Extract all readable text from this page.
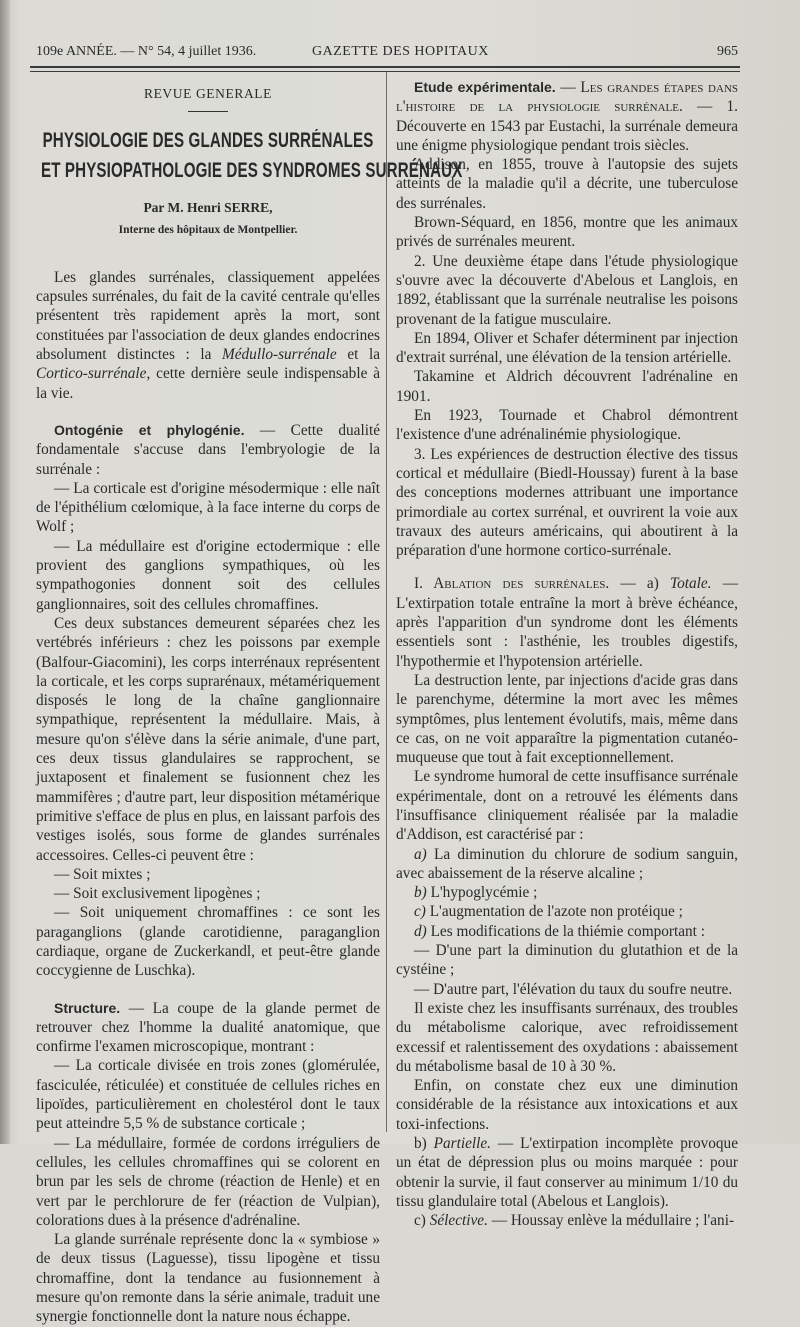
109e ANNÉE. — N° 54, 4 juillet 1936.	GAZETTE DES HOPITAUX	965
REVUE GENERALE
PHYSIOLOGIE DES GLANDES SURRÉNALES
ET PHYSIOPATHOLOGIE DES SYNDROMES SURRÉNAUX
Par M. Henri SERRE,
Interne des hôpitaux de Montpellier.

Les glandes surrénales, classiquement appelées capsules surrénales, du fait de la cavité centrale qu'elles présentent très rapidement après la mort, sont constituées par l'association de deux glandes endocrines absolument distinctes : la Médullo-surrénale et la Cortico-surrénale, cette dernière seule indispensable à la vie.

Ontogénie et phylogénie. — Cette dualité fondamentale s'accuse dans l'embryologie de la surrénale :

— La corticale est d'origine mésodermique : elle naît de l'épithélium cœlomique, à la face interne du corps de Wolf ;

— La médullaire est d'origine ectodermique : elle provient des ganglions sympathiques, où les sympathogonies donnent soit des cellules ganglionnaires, soit des cellules chromaffines.

Ces deux substances demeurent séparées chez les vertébrés inférieurs : chez les poissons par exemple (Balfour-Giacomini), les corps interrénaux représentent la corticale, et les corps suprarénaux, métamériquement disposés le long de la chaîne ganglionnaire sympathique, représentent la médullaire. Mais, à mesure qu'on s'élève dans la série animale, d'une part, ces deux tissus glandulaires se rapprochent, se juxtaposent et finalement se fusionnent chez les mammifères ; d'autre part, leur disposition métamérique primitive s'efface de plus en plus, en laissant parfois des vestiges isolés, sous forme de glandes surrénales accessoires. Celles-ci peuvent être :

— Soit mixtes ;

— Soit exclusivement lipogènes ;

— Soit uniquement chromaffines : ce sont les paraganglions (glande carotidienne, paraganglion cardiaque, organe de Zuckerkandl, et peut-être glande coccygienne de Luschka).

Structure. — La coupe de la glande permet de retrouver chez l'homme la dualité anatomique, que confirme l'examen microscopique, montrant :

— La corticale divisée en trois zones (glomérulée, fasciculée, réticulée) et constituée de cellules riches en lipoïdes, particulièrement en cholestérol dont le taux peut atteindre 5,5 % de substance corticale ;

— La médullaire, formée de cordons irréguliers de cellules, les cellules chromaffines qui se colorent en brun par les sels de chrome (réaction de Henle) et en vert par le perchlorure de fer (réaction de Vulpian), colorations dues à la présence d'adrénaline.

La glande surrénale représente donc la « symbiose » de deux tissus (Laguesse), tissu lipogène et tissu chromaffine, dont la tendance au fusionnement à mesure qu'on remonte dans la série animale, traduit une synergie fonctionnelle dont la nature nous échappe.

Etude expérimentale. — Les grandes étapes dans l'histoire de la physiologie surrénale. — 1. Découverte en 1543 par Eustachi, la surrénale demeura une énigme physiologique pendant trois siècles.

Addison, en 1855, trouve à l'autopsie des sujets atteints de la maladie qu'il a décrite, une tuberculose des surrénales.

Brown-Séquard, en 1856, montre que les animaux privés de surrénales meurent.

2. Une deuxième étape dans l'étude physiologique s'ouvre avec la découverte d'Abelous et Langlois, en 1892, établissant que la surrénale neutralise les poisons provenant de la fatigue musculaire.

En 1894, Oliver et Schafer déterminent par injection d'extrait surrénal, une élévation de la tension artérielle.

Takamine et Aldrich découvrent l'adrénaline en 1901.

En 1923, Tournade et Chabrol démontrent l'existence d'une adrénalinémie physiologique.

3. Les expériences de destruction élective des tissus cortical et médullaire (Biedl-Houssay) furent à la base des conceptions modernes attribuant une importance primordiale au cortex surrénal, et ouvrirent la voie aux travaux des auteurs américains, qui aboutirent à la préparation d'une hormone cortico-surrénale.

I. Ablation des surrénales. — a) Totale. — L'extirpation totale entraîne la mort à brève échéance, après l'apparition d'un syndrome dont les éléments essentiels sont : l'asthénie, les troubles digestifs, l'hypothermie et l'hypotension artérielle.

La destruction lente, par injections d'acide gras dans le parenchyme, détermine la mort avec les mêmes symptômes, plus lentement évolutifs, mais, même dans ce cas, on ne voit apparaître la pigmentation cutanéo-muqueuse que tout à fait exceptionnellement.

Le syndrome humoral de cette insuffisance surrénale expérimentale, dont on a retrouvé les éléments dans l'insuffisance cliniquement réalisée par la maladie d'Addison, est caractérisé par :

a) La diminution du chlorure de sodium sanguin, avec abaissement de la réserve alcaline ;

b) L'hypoglycémie ;

c) L'augmentation de l'azote non protéique ;

d) Les modifications de la thiémie comportant :

— D'une part la diminution du glutathion et de la cystéine ;

— D'autre part, l'élévation du taux du soufre neutre.

Il existe chez les insuffisants surrénaux, des troubles du métabolisme calorique, avec refroidissement excessif et ralentissement des oxydations : abaissement du métabolisme basal de 10 à 30 %.

Enfin, on constate chez eux une diminution considérable de la résistance aux intoxications et aux toxi-infections.

b) Partielle. — L'extirpation incomplète provoque un état de dépression plus ou moins marquée : pour obtenir la survie, il faut conserver au minimum 1/10 du tissu glandulaire total (Abelous et Langlois).

c) Sélective. — Houssay enlève la médullaire ; l'ani-
